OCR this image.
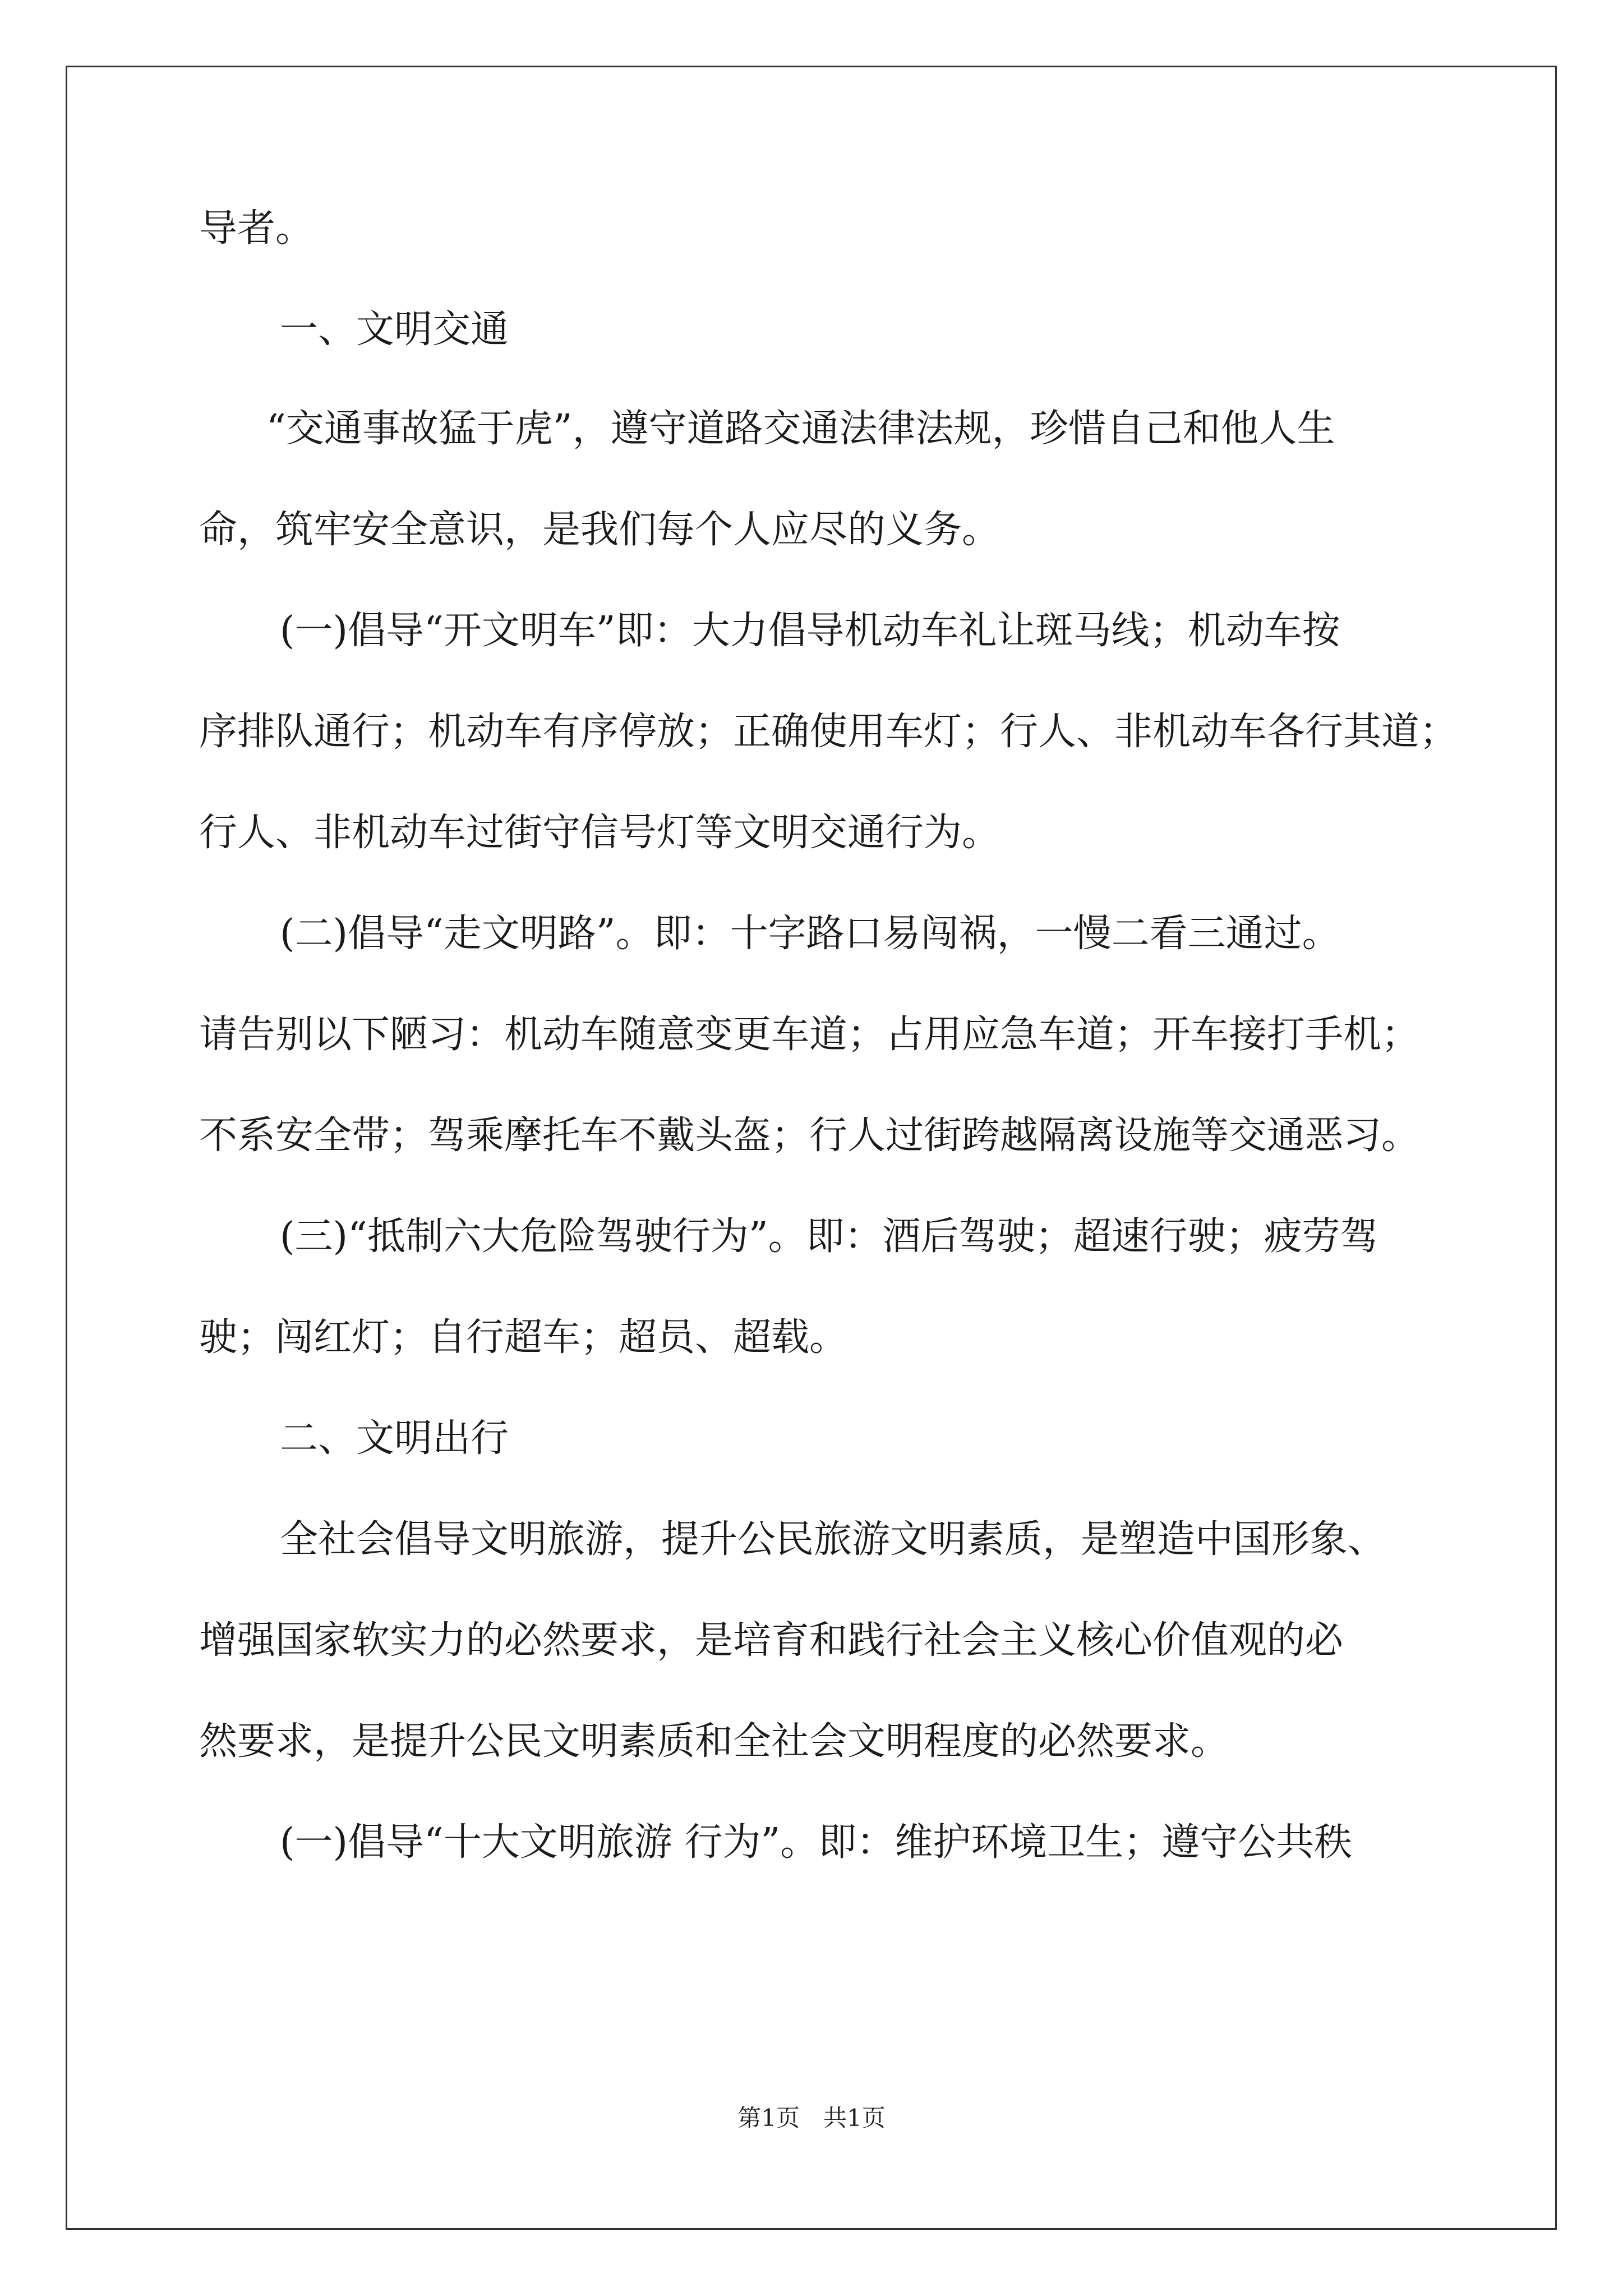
导者。
一、文明交通
“交通事故猛于虎”，遵守道路交通法律法规，珍惜自己和他人生
命，筑牢安全意识，是我们每个人应尽的义务。
(一)倡导“开文明车”即：大力倡导机动车礼让斑马线；机动车按
序排队通行；机动车有序停放；正确使用车灯；行人、非机动车各行其道；
行人、非机动车过街守信号灯等文明交通行为。
(二)倡导“走文明路”。即：十字路口易闯祸，一慢二看三通过。
请告别以下陋习：机动车随意变更车道；占用应急车道；开车接打手机；
不系安全带；驾乘摩托车不戴头盔；行人过街跨越隔离设施等交通恶习。
(三)“抵制六大危险驾驶行为”。即：酒后驾驶；超速行驶；疲劳驾
驶；闯红灯；自行超车；超员、超载。
二、文明出行
全社会倡导文明旅游，提升公民旅游文明素质，是塑造中国形象、
增强国家软实力的必然要求，是培育和践行社会主义核心价值观的必
然要求，是提升公民文明素质和全社会文明程度的必然要求。
(一)倡导“十大文明旅游 行为”。即：维护环境卫生；遵守公共秩
第1页　共1页
